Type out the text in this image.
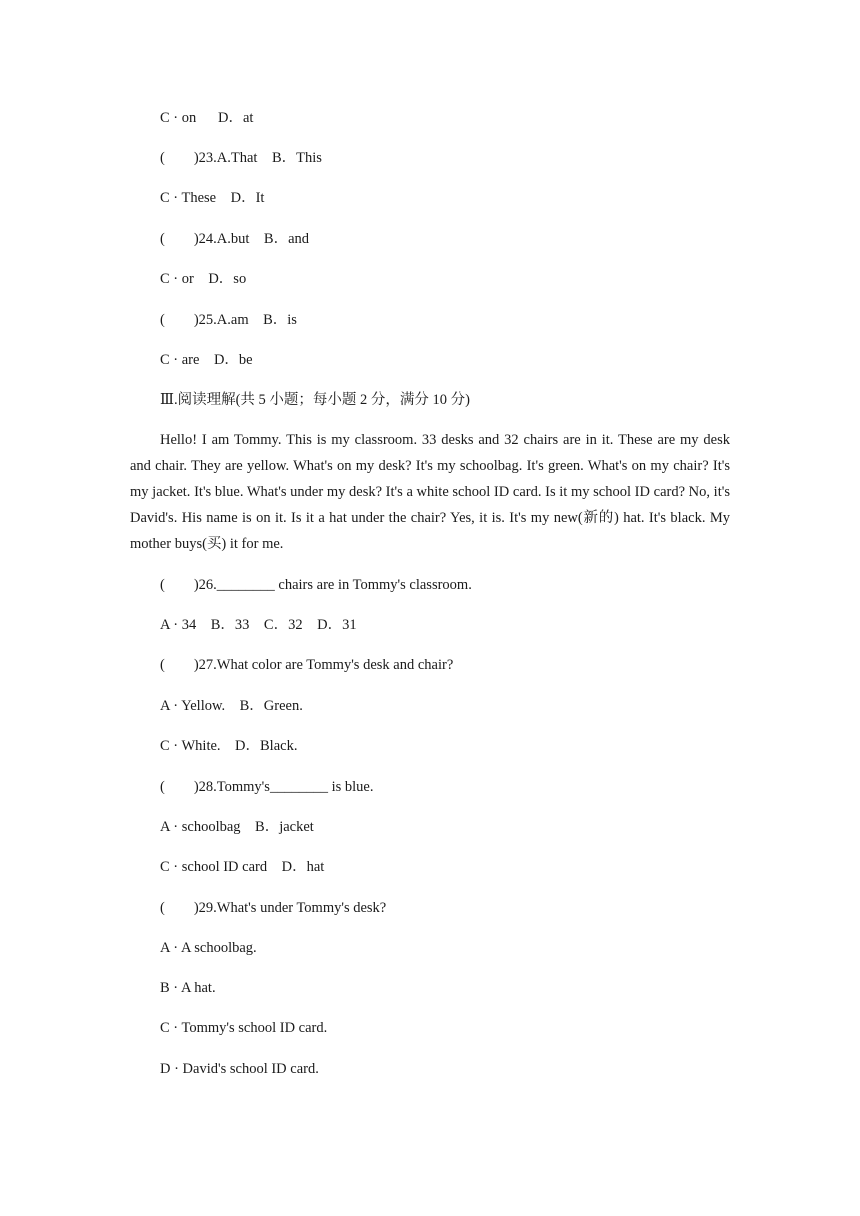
C · on      D．at
(        )23.A.That    B．This
C · These    D．It
(        )24.A.but    B．and
C · or    D．so
(        )25.A.am    B．is
C · are    D．be
Ⅲ.阅读理解(共 5 小题；每小题 2 分，满分 10 分)
Hello! I am Tommy. This is my classroom. 33 desks and 32 chairs are in it. These are my desk and chair. They are yellow. What's on my desk? It's my schoolbag. It's green. What's on my chair? It's my jacket. It's blue. What's under my desk? It's a white school ID card. Is it my school ID card? No, it's David's. His name is on it. Is it a hat under the chair? Yes, it is. It's my new(新的) hat. It's black. My mother buys(买) it for me.
(        )26.________ chairs are in Tommy's classroom.
A · 34    B．33    C．32    D．31
(        )27.What color are Tommy's desk and chair?
A · Yellow.    B．Green.
C · White.    D．Black.
(        )28.Tommy's________ is blue.
A · schoolbag    B．jacket
C · school ID card    D．hat
(        )29.What's under Tommy's desk?
A · A schoolbag.
B · A hat.
C · Tommy's school ID card.
D · David's school ID card.
